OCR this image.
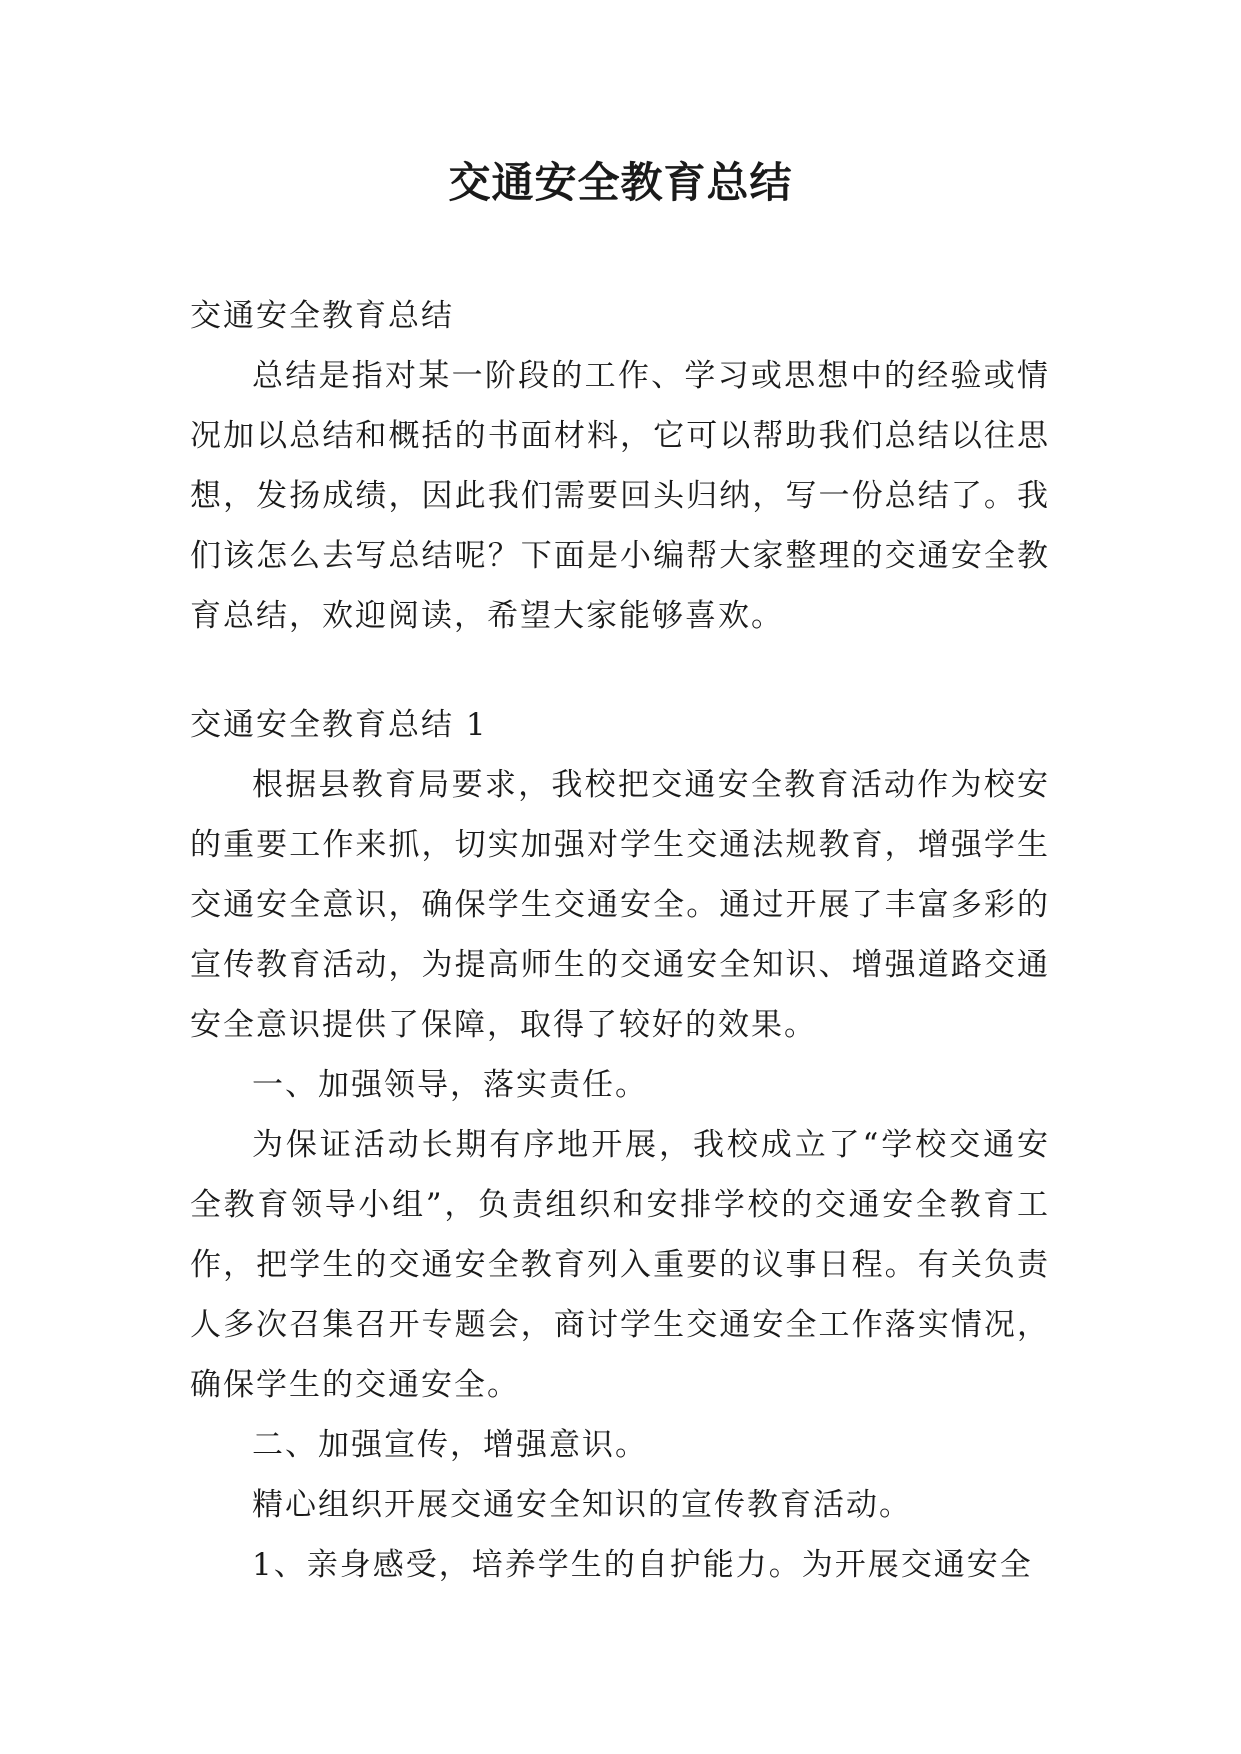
交通安全教育总结
交通安全教育总结

总结是指对某一阶段的工作、学习或思想中的经验或情况加以总结和概括的书面材料，它可以帮助我们总结以往思想，发扬成绩，因此我们需要回头归纳，写一份总结了。我们该怎么去写总结呢？下面是小编帮大家整理的交通安全教育总结，欢迎阅读，希望大家能够喜欢。

交通安全教育总结 1

根据县教育局要求，我校把交通安全教育活动作为校安的重要工作来抓，切实加强对学生交通法规教育，增强学生交通安全意识，确保学生交通安全。通过开展了丰富多彩的宣传教育活动，为提高师生的交通安全知识、增强道路交通安全意识提供了保障，取得了较好的效果。

一、加强领导，落实责任。

为保证活动长期有序地开展，我校成立了“学校交通安全教育领导小组”，负责组织和安排学校的交通安全教育工作，把学生的交通安全教育列入重要的议事日程。有关负责人多次召集召开专题会，商讨学生交通安全工作落实情况，确保学生的交通安全。

二、加强宣传，增强意识。

精心组织开展交通安全知识的宣传教育活动。

1、亲身感受，培养学生的自护能力。为开展交通安全
